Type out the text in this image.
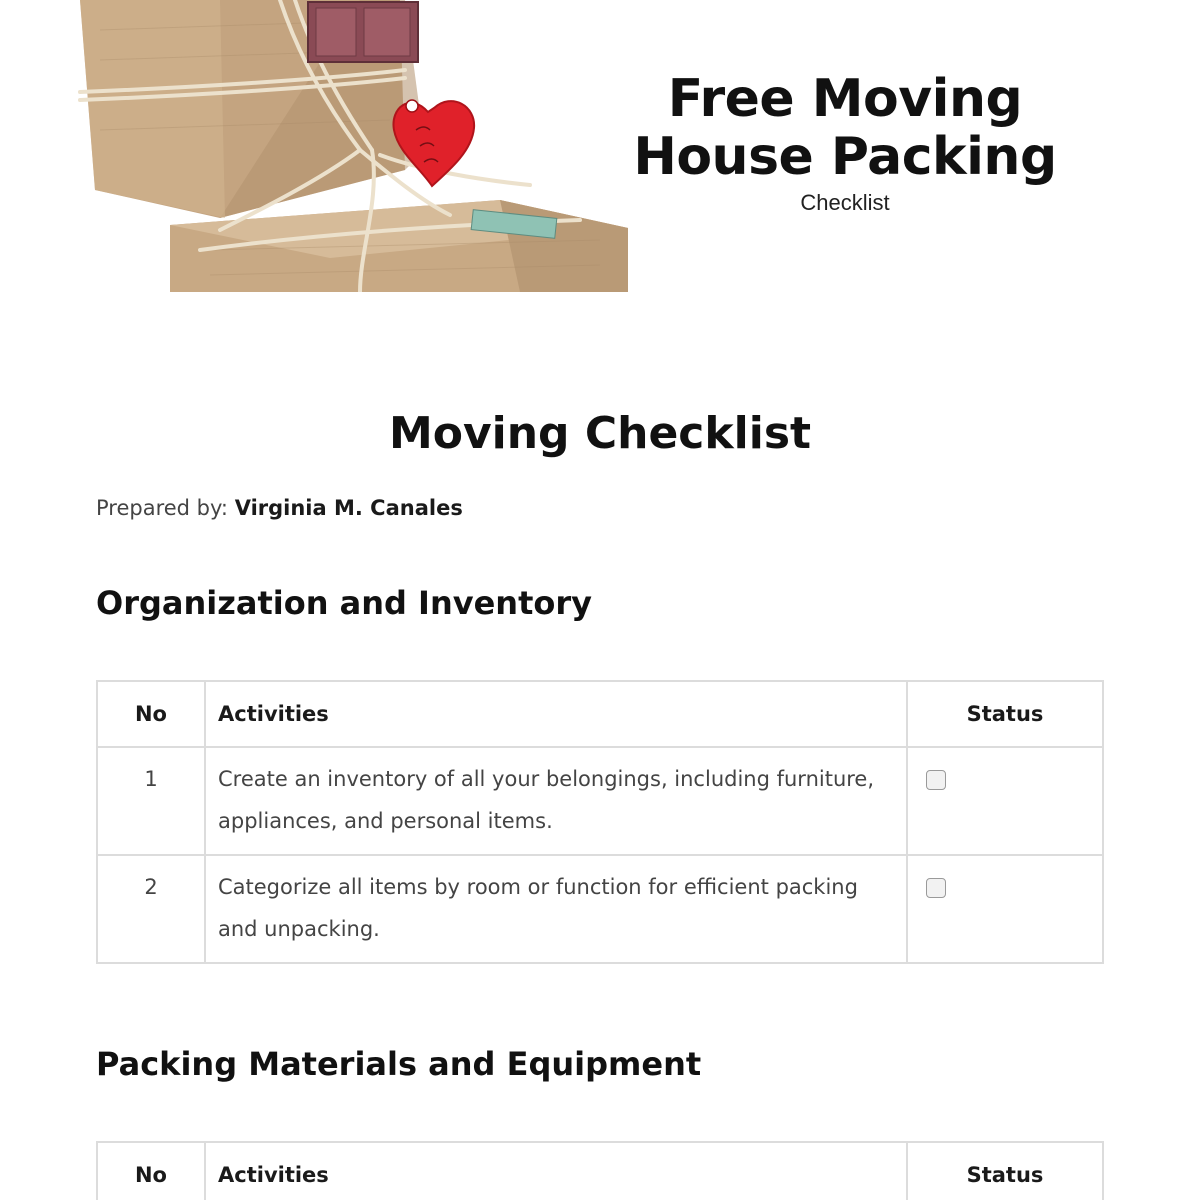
Free Moving
House Packing
Checklist
Moving Checklist
Prepared by: Virginia M. Canales
Organization and Inventory
No	Activities	Status
1	Create an inventory of all your belongings, including furniture, appliances, and personal items.	
2	Categorize all items by room or function for efficient packing and unpacking.	
Packing Materials and Equipment
No	Activities	Status
